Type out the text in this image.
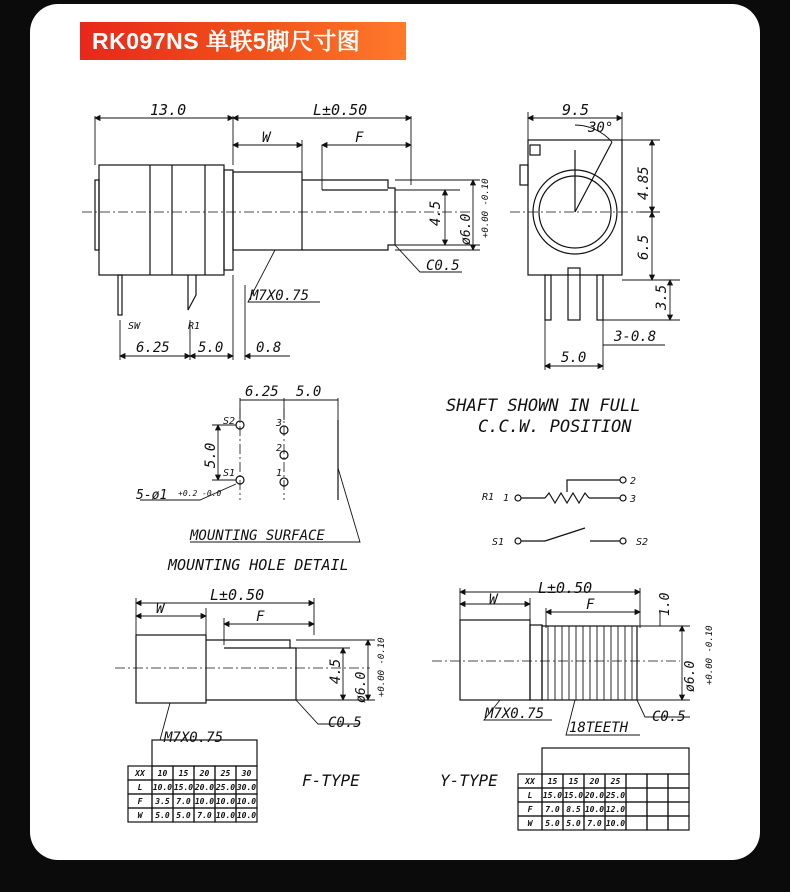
RK097NS 单联5脚尺寸图
13.0	L±0.50
W	F
4.5
ø6.0 +0.00 -0.10
C0.5
M7X0.75
SW	R1
6.25 5.0 0.8
9.5
30°
4.85
6.5
3.5
3-0.8
5.0
6.25 5.0
5.0
S2
S1
3
2
1
5-ø1 +0.2 -0.0
MOUNTING SURFACE
MOUNTING HOLE DETAIL
SHAFT SHOWN IN FULL
C.C.W. POSITION
R1 1
2
3
S1	S2
L±0.50
W	F
4.5
ø6.0 +0.00 -0.10
C0.5
M7X0.75
F-TYPE
XX 10 15 20 25 30
L 10.0 15.0 20.0 25.0 30.0
F 3.5 7.0 10.0 10.0 10.0
W 5.0 5.0 7.0 10.0 10.0
L±0.50
W	F	1.0
ø6.0 +0.00 -0.10
C0.5
M7X0.75
18TEETH
Y-TYPE	XX 15 15 20 25
L 15.0 15.0 20.0 25.0
F 7.0 8.5 10.0 12.0
W 5.0 5.0 7.0 10.0
